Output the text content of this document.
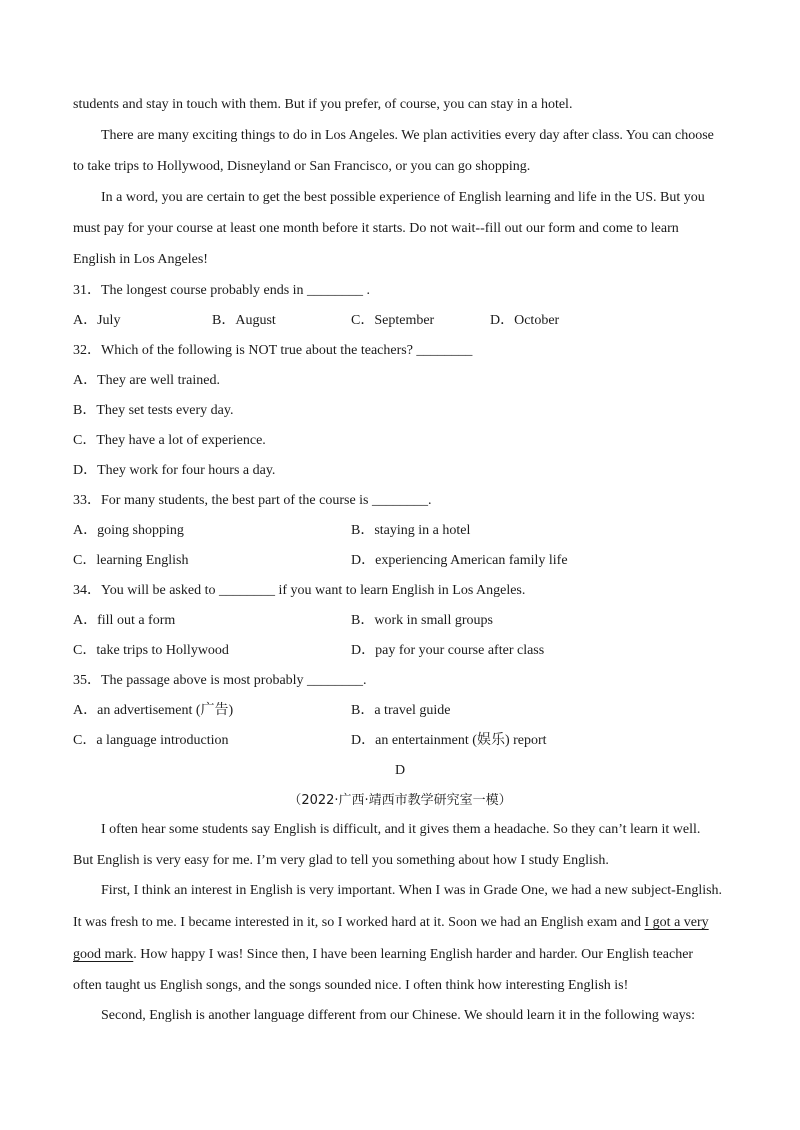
students and stay in touch with them. But if you prefer, of course, you can stay in a hotel.
There are many exciting things to do in Los Angeles. We plan activities every day after class. You can choose
to take trips to Hollywood, Disneyland or San Francisco, or you can go shopping.
In a word, you are certain to get the best possible experience of English learning and life in the US. But you
must pay for your course at least one month before it starts. Do not wait--fill out our form and come to learn
English in Los Angeles!
31．The longest course probably ends in ________ .
A．July	B．August	C．September	D．October
32．Which of the following is NOT true about the teachers? ________
A．They are well trained.
B．They set tests every day.
C．They have a lot of experience.
D．They work for four hours a day.
33．For many students, the best part of the course is ________.
A．going shopping	B．staying in a hotel
C．learning English	D．experiencing American family life
34．You will be asked to ________ if you want to learn English in Los Angeles.
A．fill out a form	B．work in small groups
C．take trips to Hollywood	D．pay for your course after class
35．The passage above is most probably ________.
A．an advertisement (广告)	B．a travel guide
C．a language introduction	D．an entertainment (娱乐) report
D
（2022·广西·靖西市教学研究室一模）
I often hear some students say English is difficult, and it gives them a headache. So they can’t learn it well.
But English is very easy for me. I’m very glad to tell you something about how I study English.
First, I think an interest in English is very important. When I was in Grade One, we had a new subject-English.
It was fresh to me. I became interested in it, so I worked hard at it. Soon we had an English exam and I got a very
good mark. How happy I was! Since then, I have been learning English harder and harder. Our English teacher
often taught us English songs, and the songs sounded nice. I often think how interesting English is!
Second, English is another language different from our Chinese. We should learn it in the following ways:
